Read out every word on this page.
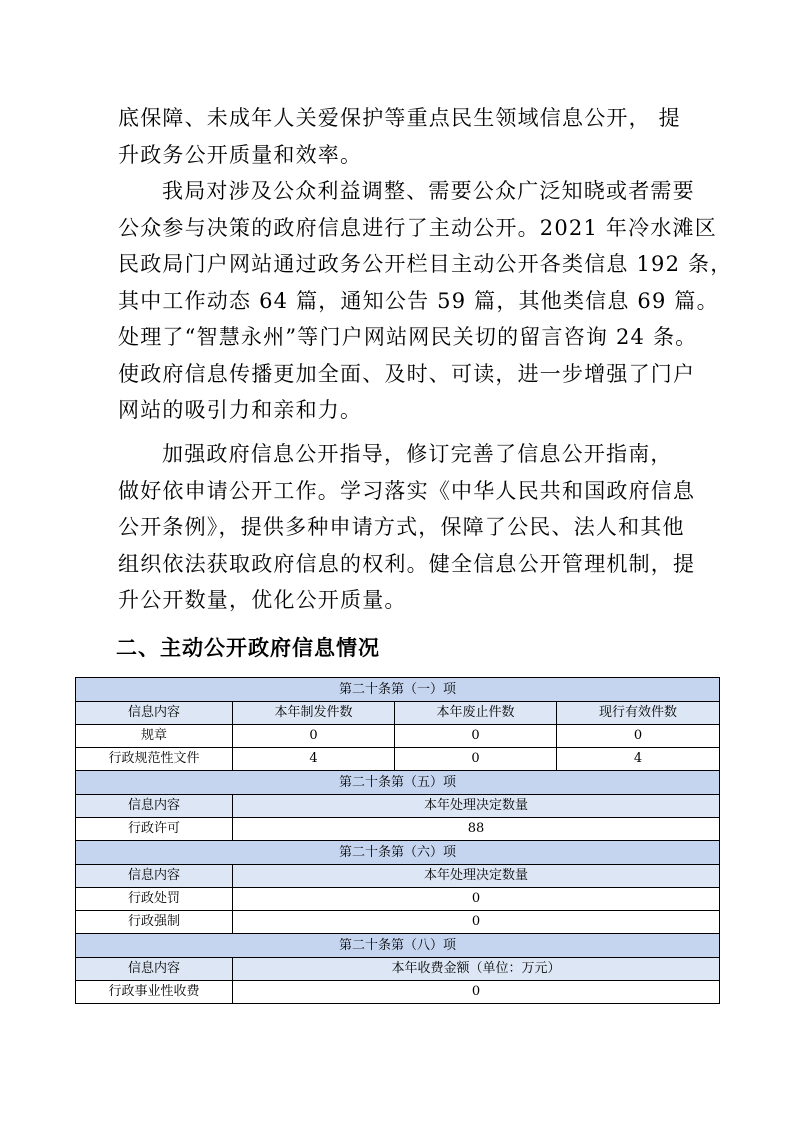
底保障、未成年人关爱保护等重点民生领域信息公开， 提
升政务公开质量和效率。
我局对涉及公众利益调整、需要公众广泛知晓或者需要
公众参与决策的政府信息进行了主动公开。2021 年冷水滩区
民政局门户网站通过政务公开栏目主动公开各类信息 192 条，
其中工作动态 64 篇，通知公告 59 篇，其他类信息 69 篇。
处理了“智慧永州”等门户网站网民关切的留言咨询 24 条。
使政府信息传播更加全面、及时、可读，进一步增强了门户
网站的吸引力和亲和力。
加强政府信息公开指导，修订完善了信息公开指南，
做好依申请公开工作。学习落实《中华人民共和国政府信息
公开条例》，提供多种申请方式，保障了公民、法人和其他
组织依法获取政府信息的权利。健全信息公开管理机制，提
升公开数量，优化公开质量。
二、主动公开政府信息情况
第二十条第（一）项			
信息内容	本年制发件数	本年废止件数	现行有效件数
规章	0	0	0
行政规范性文件	4	0	4
第二十条第（五）项			
信息内容	本年处理决定数量		
行政许可	88		
第二十条第（六）项			
信息内容	本年处理决定数量		
行政处罚	0		
行政强制	0		
第二十条第（八）项			
信息内容	本年收费金额（单位：万元）		
行政事业性收费	0		
